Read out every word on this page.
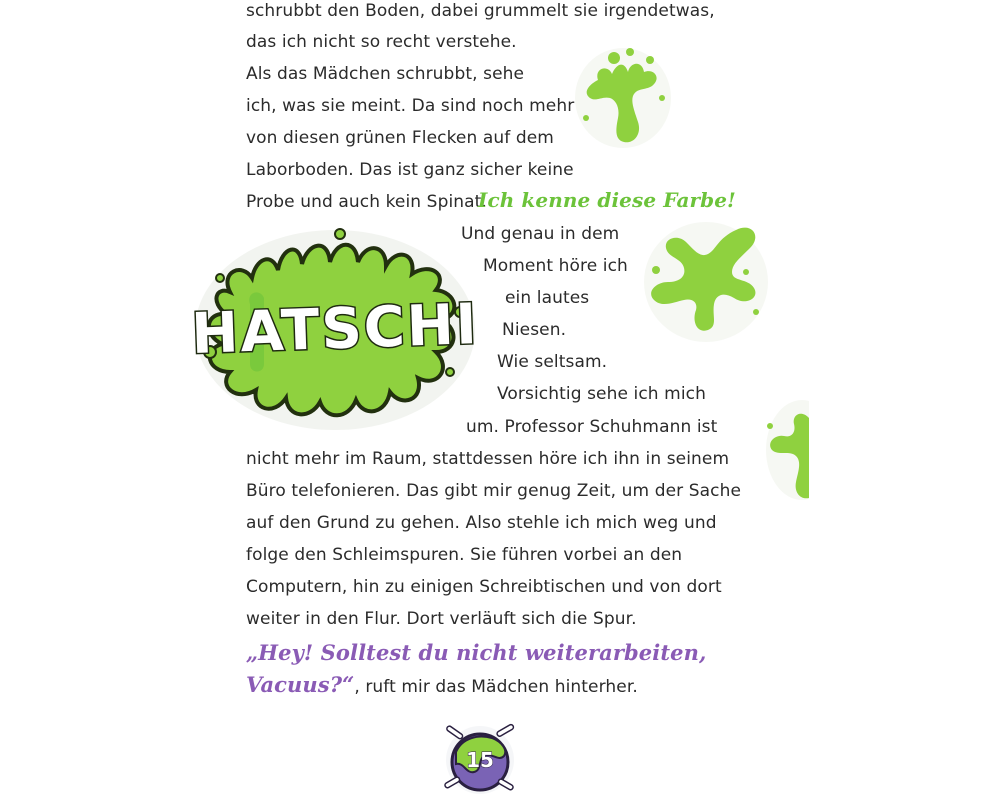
schrubbt den Boden, dabei grummelt sie irgendetwas,
das ich nicht so recht verstehe.
Als das Mädchen schrubbt, sehe
ich, was sie meint. Da sind noch mehr
von diesen grünen Flecken auf dem
Laborboden. Das ist ganz sicher keine
Probe und auch kein Spinat.
Ich kenne diese Farbe!
Und genau in dem
Moment höre ich
ein lautes
Niesen.
Wie seltsam.
Vorsichtig sehe ich mich
um. Professor Schuhmann ist
nicht mehr im Raum, stattdessen höre ich ihn in seinem
Büro telefonieren. Das gibt mir genug Zeit, um der Sache
auf den Grund zu gehen. Also stehle ich mich weg und
folge den Schleimspuren. Sie führen vorbei an den
Computern, hin zu einigen Schreibtischen und von dort
weiter in den Flur. Dort verläuft sich die Spur.
„Hey! Solltest du nicht weiterarbeiten,
Vacuus?“, ruft mir das Mädchen hinterher.
HATSCHI
15
